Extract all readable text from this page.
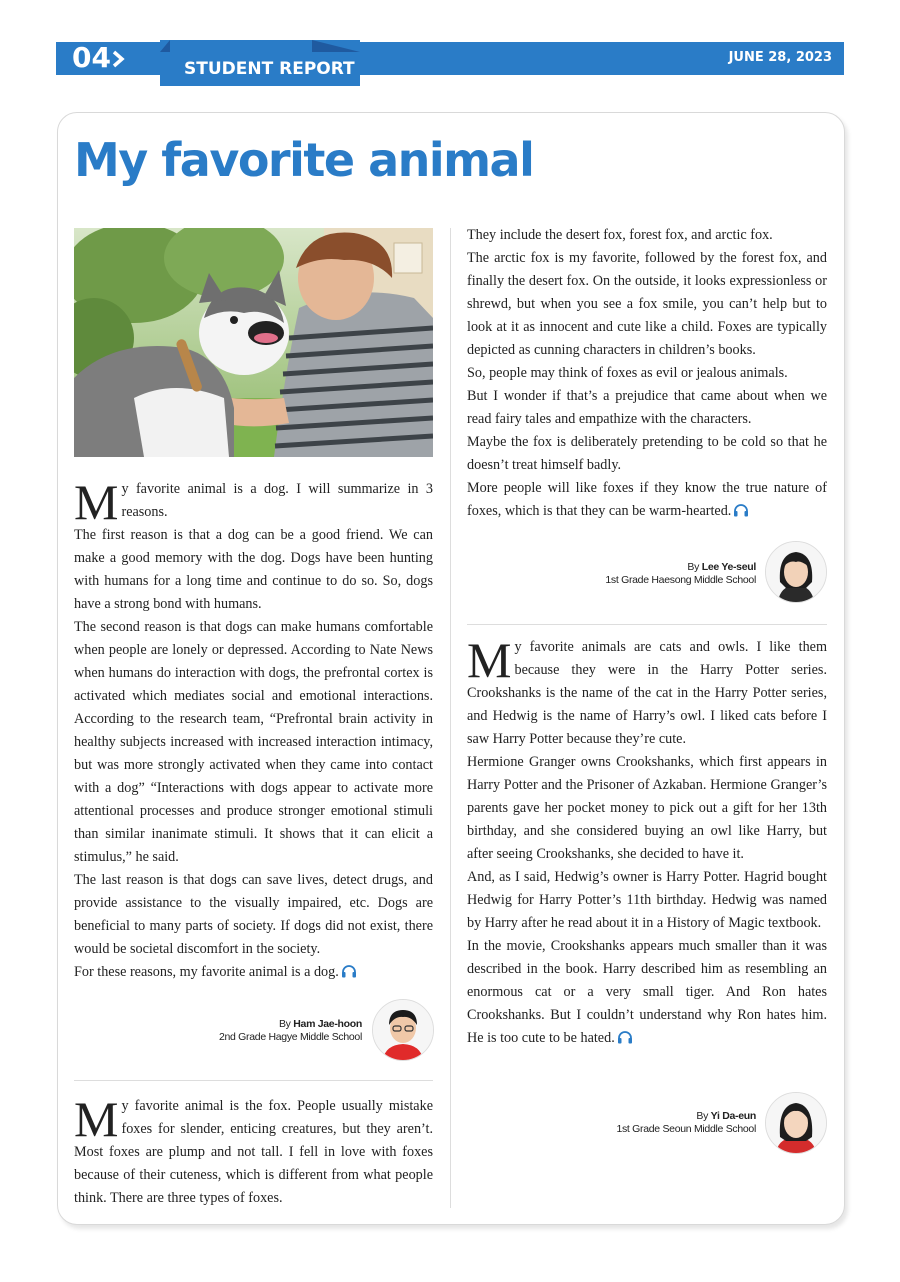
04	STUDENT REPORT
JUNE 28, 2023
My favorite animal

My favorite animal is a dog. I will summarize in 3 reasons.

The first reason is that a dog can be a good friend. We can make a good memory with the dog. Dogs have been hunting with humans for a long time and continue to do so. So, dogs have a strong bond with humans.

The second reason is that dogs can make humans comfortable when people are lonely or depressed. According to Nate News when humans do interaction with dogs, the prefrontal cortex is activated which mediates social and emotional interactions. According to the research team, “Prefrontal brain activity in healthy subjects increased with increased interaction intimacy, but was more strongly activated when they came into contact with a dog” “Interactions with dogs appear to activate more attentional processes and produce stronger emotional stimuli than similar inanimate stimuli. It shows that it can elicit a stimulus,” he said.

The last reason is that dogs can save lives, detect drugs, and provide assistance to the visually impaired, etc. Dogs are beneficial to many parts of society. If dogs did not exist, there would be societal discomfort in the society.

For these reasons, my favorite animal is a dog.

By Ham Jae-hoon
2nd Grade Hagye Middle School

My favorite animal is the fox. People usually mistake foxes for slender, enticing creatures, but they aren’t. Most foxes are plump and not tall. I fell in love with foxes because of their cuteness, which is different from what people think. There are three types of foxes.

They include the desert fox, forest fox, and arctic fox.

The arctic fox is my favorite, followed by the forest fox, and finally the desert fox. On the outside, it looks expressionless or shrewd, but when you see a fox smile, you can’t help but to look at it as innocent and cute like a child. Foxes are typically depicted as cunning characters in children’s books.

So, people may think of foxes as evil or jealous animals.

But I wonder if that’s a prejudice that came about when we read fairy tales and empathize with the characters.

Maybe the fox is deliberately pretending to be cold so that he doesn’t treat himself badly.

More people will like foxes if they know the true nature of foxes, which is that they can be warm-hearted.

By Lee Ye-seul
1st Grade Haesong Middle School

My favorite animals are cats and owls. I like them because they were in the Harry Potter series. Crookshanks is the name of the cat in the Harry Potter series, and Hedwig is the name of Harry’s owl. I liked cats before I saw Harry Potter because they’re cute.

Hermione Granger owns Crookshanks, which first appears in Harry Potter and the Prisoner of Azkaban. Hermione Granger’s parents gave her pocket money to pick out a gift for her 13th birthday, and she considered buying an owl like Harry, but after seeing Crookshanks, she decided to have it.

And, as I said, Hedwig’s owner is Harry Potter. Hagrid bought Hedwig for Harry Potter’s 11th birthday. Hedwig was named by Harry after he read about it in a History of Magic textbook.

In the movie, Crookshanks appears much smaller than it was described in the book. Harry described him as resembling an enormous cat or a very small tiger. And Ron hates Crookshanks. But I couldn’t understand why Ron hates him. He is too cute to be hated.

By Yi Da-eun
1st Grade Seoun Middle School
